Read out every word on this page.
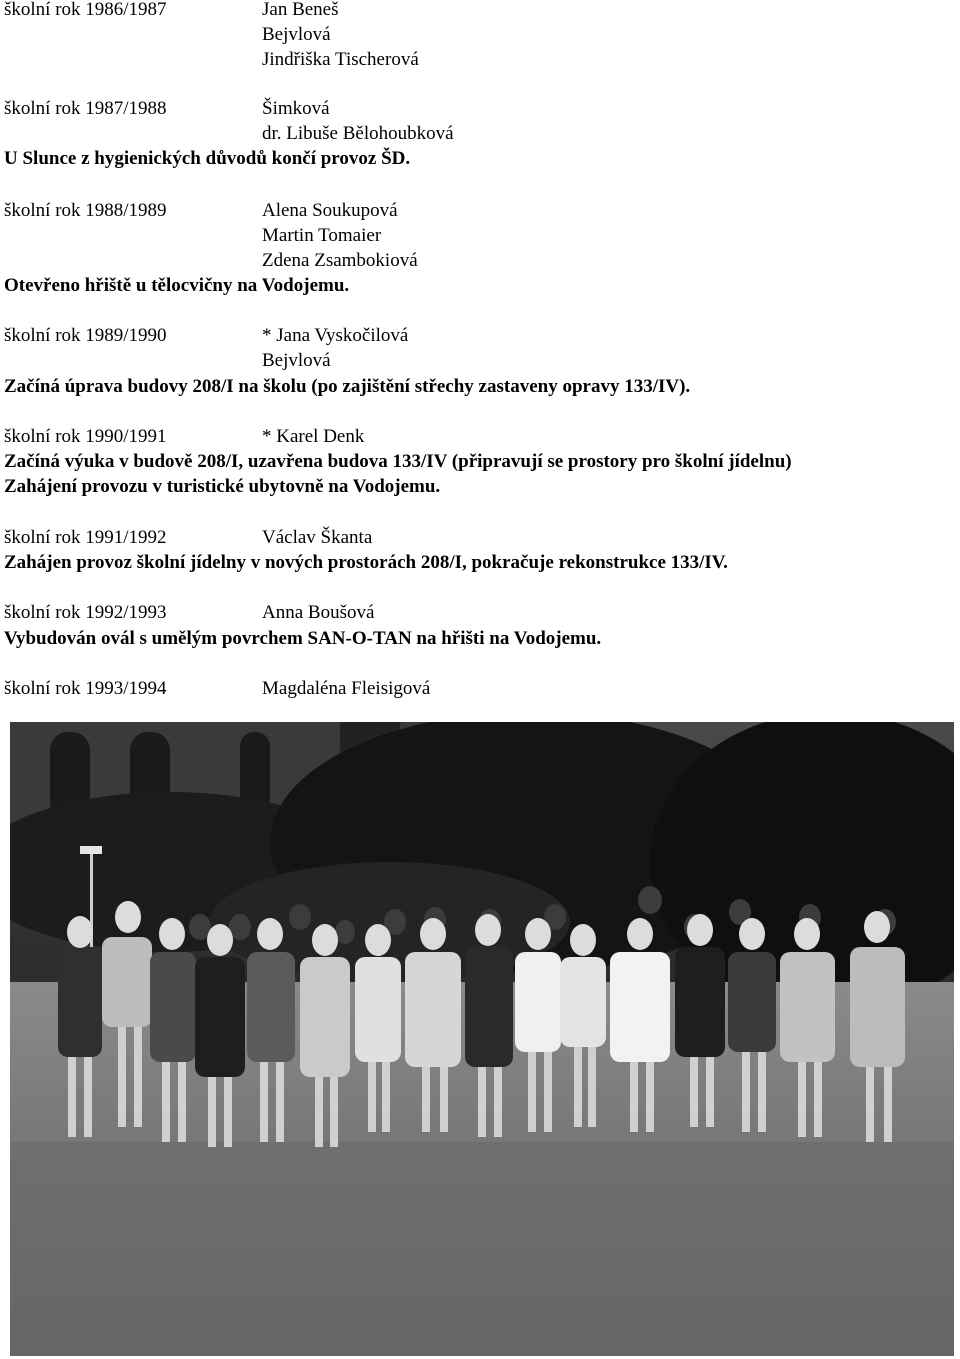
školní rok 1986/1987	Jan Beneš
Bejvlová
Jindřiška Tischerová
školní rok 1987/1988	Šimková
dr. Libuše Bělohoubková
U Slunce z hygienických důvodů končí provoz ŠD.
školní rok 1988/1989	Alena Soukupová
Martin Tomaier
Zdena Zsambokiová
Otevřeno hřiště u tělocvičny na Vodojemu.
školní rok 1989/1990	* Jana Vyskočilová
Bejvlová
Začíná úprava budovy 208/I na školu (po zajištění střechy zastaveny opravy 133/IV).
školní rok 1990/1991	* Karel Denk
Začíná výuka v budově 208/I, uzavřena budova 133/IV (připravují se prostory pro školní jídelnu)
Zahájení provozu v turistické ubytovně na Vodojemu.
školní rok 1991/1992	Václav Škanta
Zahájen provoz školní jídelny v nových prostorách 208/I, pokračuje rekonstrukce 133/IV.
školní rok 1992/1993	Anna Boušová
Vybudován ovál s umělým povrchem SAN-O-TAN na hřišti na Vodojemu.
školní rok 1993/1994	Magdaléna Fleisigová
